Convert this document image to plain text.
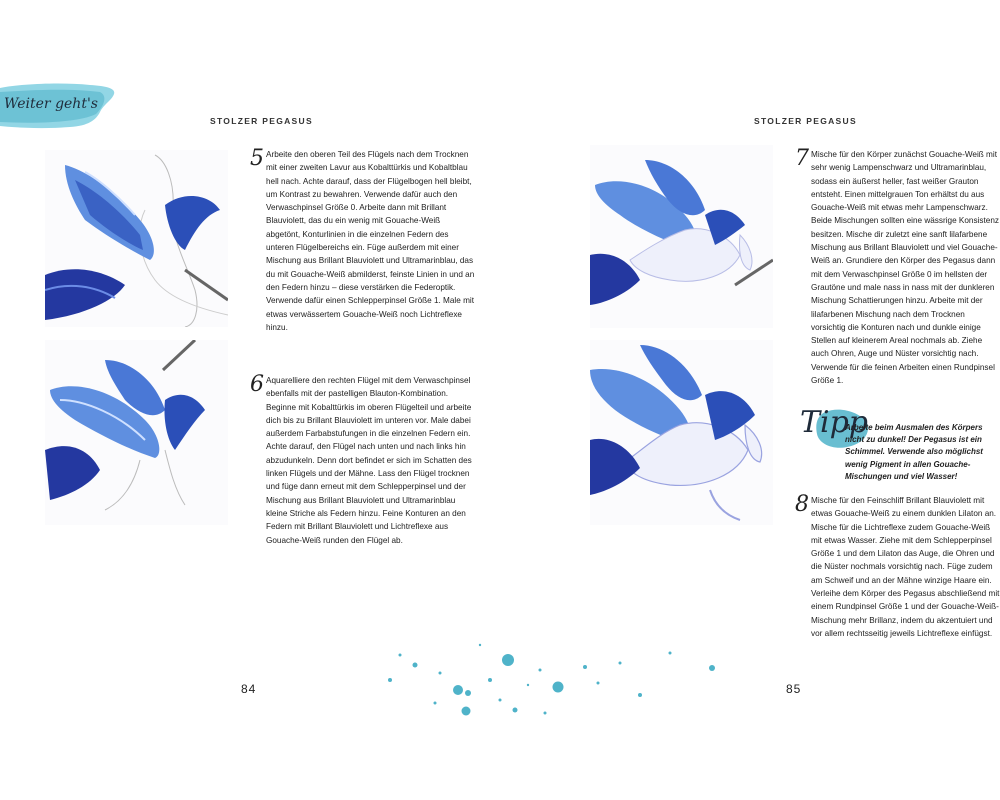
Weiter geht's
STOLZER PEGASUS
5 Arbeite den oberen Teil des Flügels nach dem Trocknen mit einer zweiten Lavur aus Kobalttürkis und Kobaltblau hell nach. Achte darauf, dass der Flügelbogen hell bleibt, um Kontrast zu bewahren. Verwende dafür auch den Verwaschpinsel Größe 0. Arbeite dann mit Brillant Blauviolett, das du ein wenig mit Gouache-Weiß abgetönt, Konturlinien in die einzelnen Federn des unteren Flügelbereichs ein. Füge außerdem mit einer Mischung aus Brillant Blauviolett und Ultramarinblau, das du mit Gouache-Weiß abmilderst, feinste Linien in und an den Federn hinzu – diese verstärken die Federoptik. Verwende dafür einen Schlepperpinsel Größe 1. Male mit etwas verwässertem Gouache-Weiß noch Lichtreflexe hinzu.
6 Aquarelliere den rechten Flügel mit dem Verwaschpinsel ebenfalls mit der pastelligen Blauton-Kombination. Beginne mit Kobalttürkis im oberen Flügelteil und arbeite dich bis zu Brillant Blauviolett im unteren vor. Male dabei außerdem Farbabstufungen in die einzelnen Federn ein. Achte darauf, den Flügel nach unten und nach links hin abzudunkeln. Denn dort befindet er sich im Schatten des linken Flügels und der Mähne. Lass den Flügel trocknen und füge dann erneut mit dem Schlepperpinsel und der Mischung aus Brillant Blauviolett und Ultramarinblau kleine Striche als Federn hinzu. Feine Konturen an den Federn mit Brillant Blauviolett und Lichtreflexe aus Gouache-Weiß runden den Flügel ab.
84
STOLZER PEGASUS
7 Mische für den Körper zunächst Gouache-Weiß mit sehr wenig Lampenschwarz und Ultramarinblau, sodass ein äußerst heller, fast weißer Grauton entsteht. Einen mittelgrauen Ton erhältst du aus Gouache-Weiß mit etwas mehr Lampenschwarz. Beide Mischungen sollten eine wässrige Konsistenz besitzen. Mische dir zuletzt eine sanft lilafarbene Mischung aus Brillant Blauviolett und viel Gouache-Weiß an. Grundiere den Körper des Pegasus dann mit dem Verwaschpinsel Größe 0 im hellsten der Grautöne und male nass in nass mit der dunkleren Mischung Schattierungen hinzu. Arbeite mit der lilafarbenen Mischung nach dem Trocknen vorsichtig die Konturen nach und dunkle einige Stellen auf kleinerem Areal nochmals ab. Ziehe auch Ohren, Auge und Nüster vorsichtig nach. Verwende für die feinen Arbeiten einen Rundpinsel Größe 1.
Tipp
Arbeite beim Ausmalen des Körpers nicht zu dunkel! Der Pegasus ist ein Schimmel. Verwende also möglichst wenig Pigment in allen Gouache-Mischungen und viel Wasser!
8 Mische für den Feinschliff Brillant Blauviolett mit etwas Gouache-Weiß zu einem dunklen Lilaton an. Mische für die Lichtreflexe zudem Gouache-Weiß mit etwas Wasser. Ziehe mit dem Schlepperpinsel Größe 1 und dem Lilaton das Auge, die Ohren und die Nüster nochmals vorsichtig nach. Füge zudem am Schweif und an der Mähne winzige Haare ein. Verleihe dem Körper des Pegasus abschließend mit einem Rundpinsel Größe 1 und der Gouache-Weiß-Mischung mehr Brillanz, indem du akzentuiert und vor allem rechtsseitig jeweils Lichtreflexe einfügst.
85
